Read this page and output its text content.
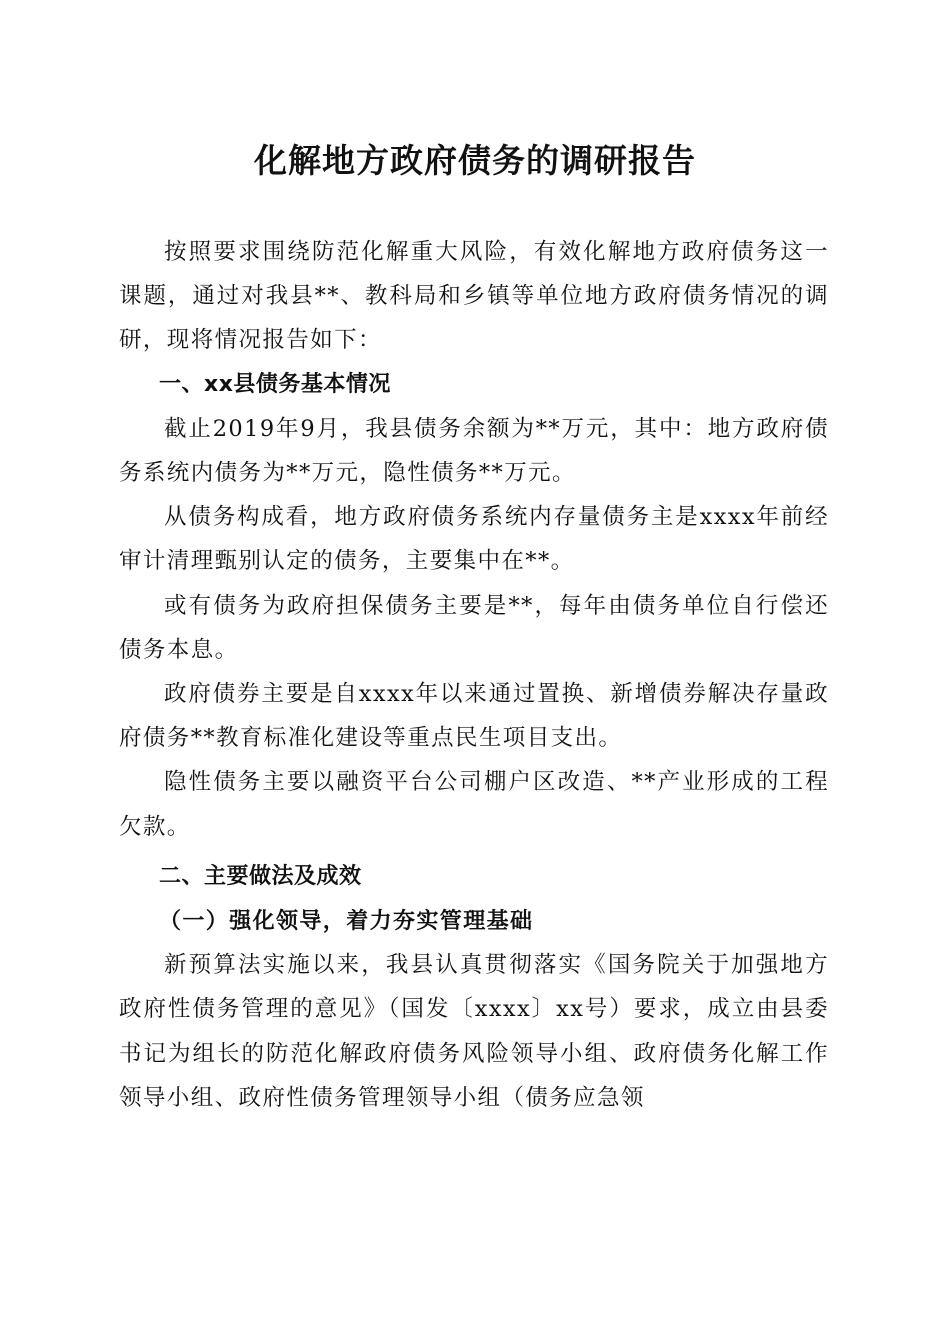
化解地方政府债务的调研报告

按照要求围绕防范化解重大风险，有效化解地方政府债务这一课题，通过对我县**、教科局和乡镇等单位地方政府债务情况的调研，现将情况报告如下：

一、xx县债务基本情况

截止2019年9月，我县债务余额为**万元，其中：地方政府债务系统内债务为**万元，隐性债务**万元。

从债务构成看，地方政府债务系统内存量债务主是xxxx年前经审计清理甄别认定的债务，主要集中在**。

或有债务为政府担保债务主要是**，每年由债务单位自行偿还债务本息。

政府债券主要是自xxxx年以来通过置换、新增债券解决存量政府债务**教育标准化建设等重点民生项目支出。

隐性债务主要以融资平台公司棚户区改造、**产业形成的工程欠款。

二、主要做法及成效

（一）强化领导，着力夯实管理基础

新预算法实施以来，我县认真贯彻落实《国务院关于加强地方政府性债务管理的意见》（国发〔xxxx〕xx号）要求，成立由县委书记为组长的防范化解政府债务风险领导小组、政府债务化解工作领导小组、政府性债务管理领导小组（债务应急领
